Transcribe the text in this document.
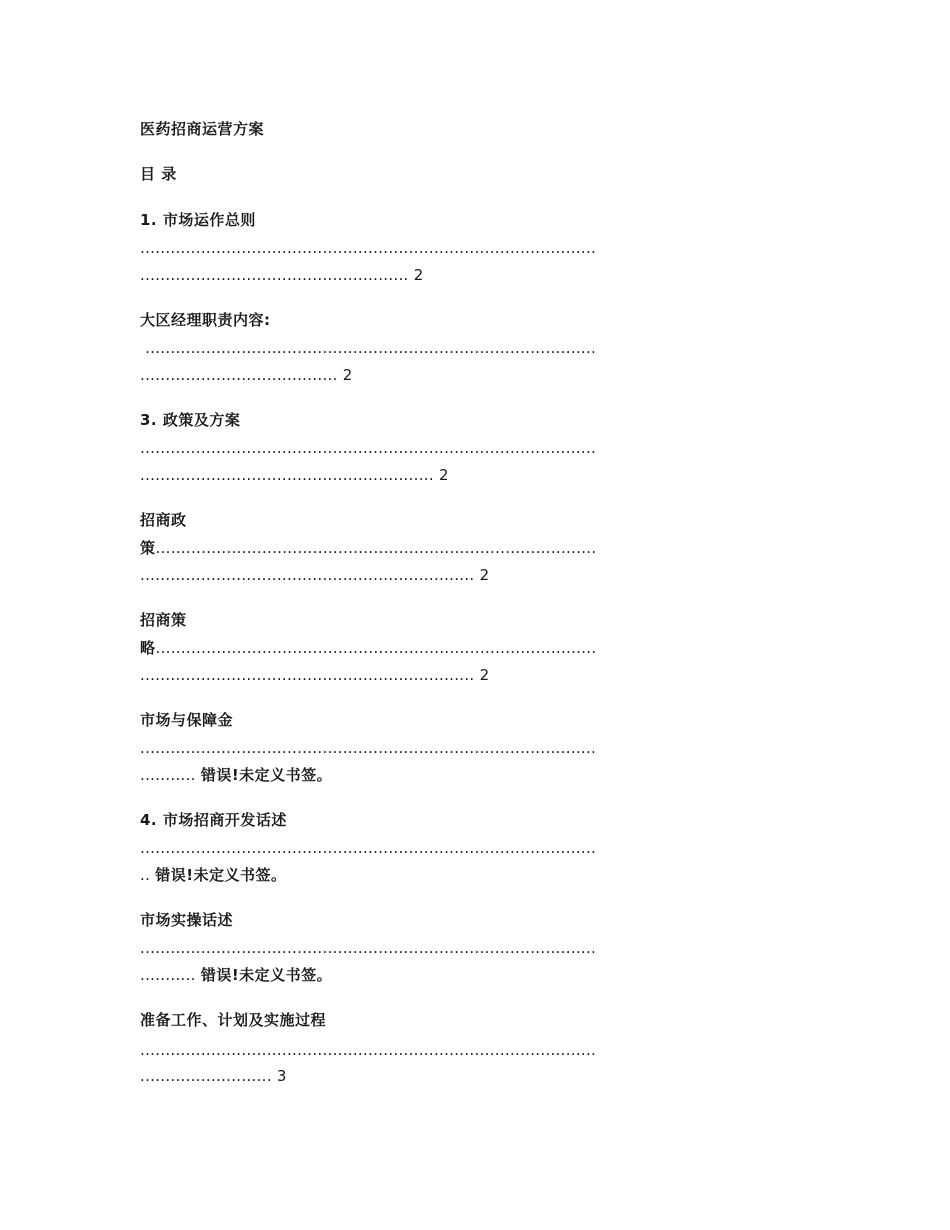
医药招商运营方案
目 录
1. 市场运作总则
..........................................................................................
..................................................... 2
大区经理职责内容:
.........................................................................................
....................................... 2
3. 政策及方案
..........................................................................................
.......................................................... 2
招商政
策.......................................................................................
.................................................................. 2
招商策
略.......................................................................................
.................................................................. 2
市场与保障金
..........................................................................................
........... 错误!未定义书签。
4. 市场招商开发话述
..........................................................................................
.. 错误!未定义书签。
市场实操话述
..........................................................................................
........... 错误!未定义书签。
准备工作、计划及实施过程
..........................................................................................
.......................... 3
